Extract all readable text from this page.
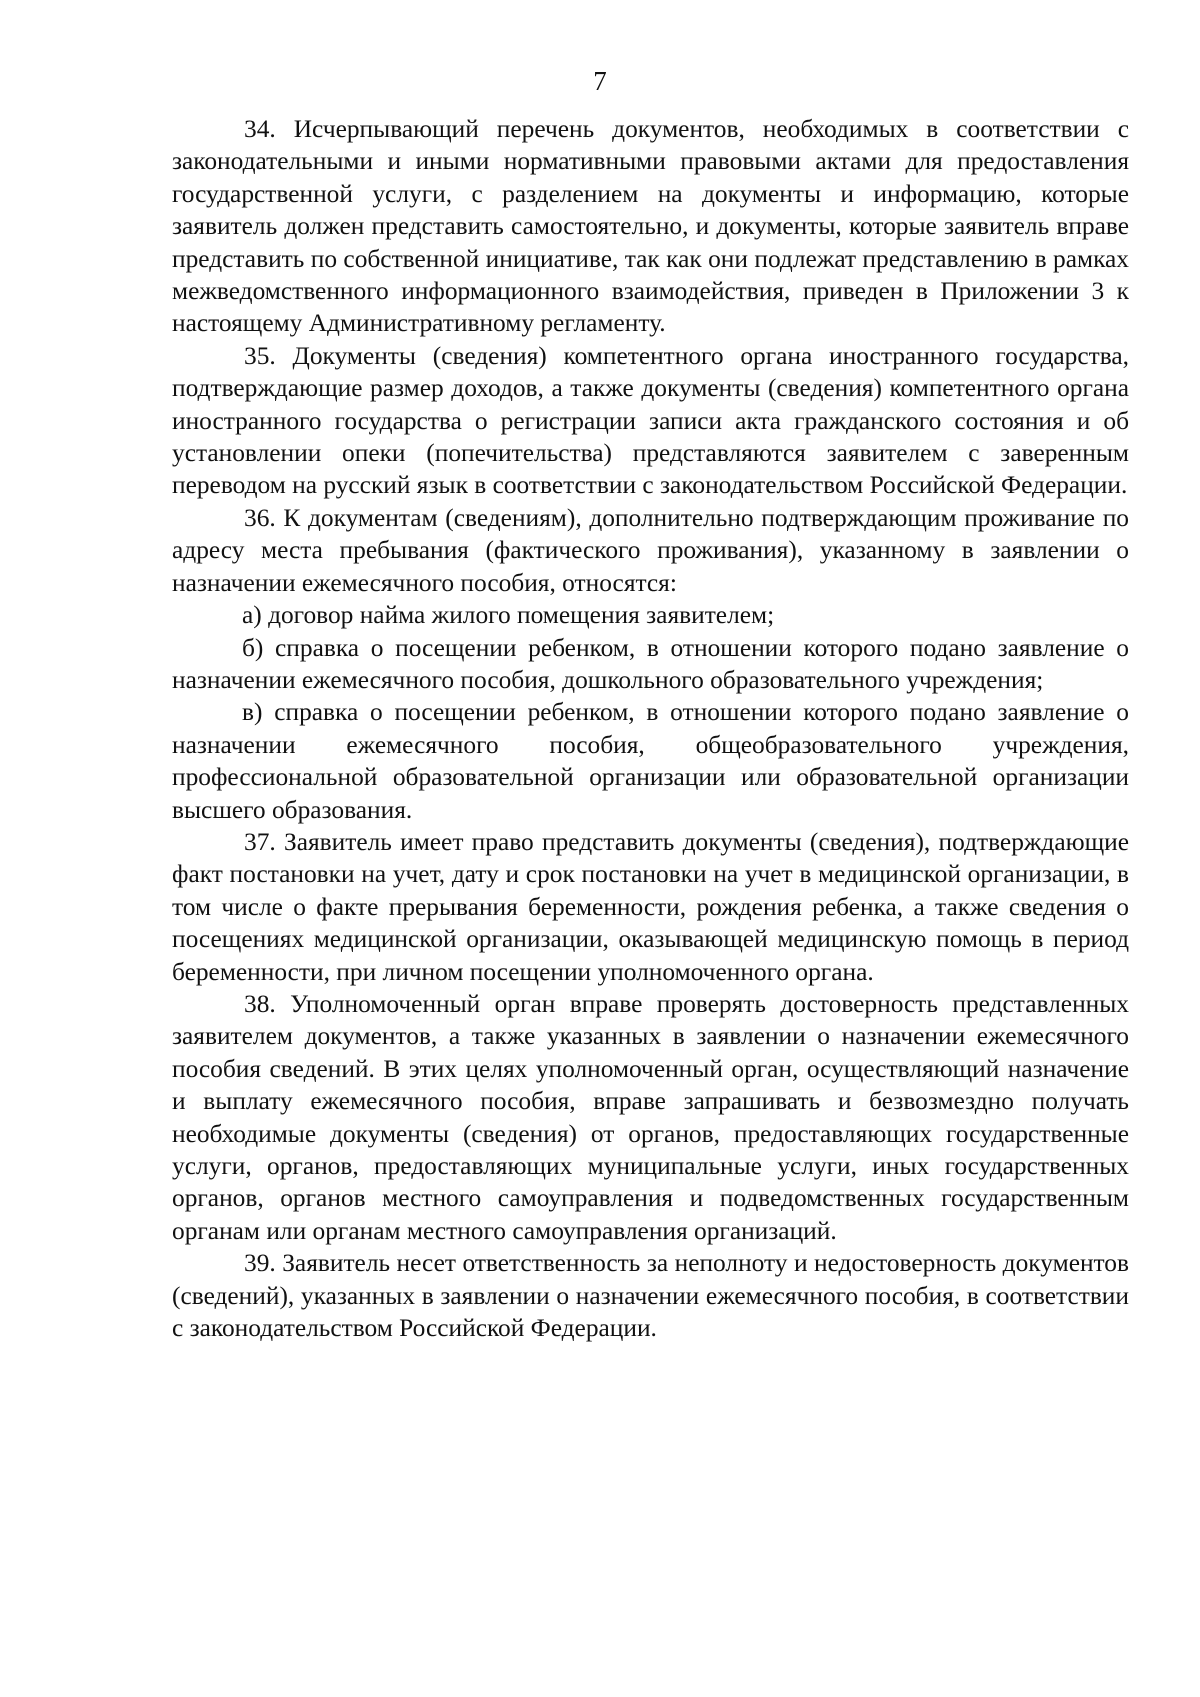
7

34. Исчерпывающий перечень документов, необходимых в соответствии с законодательными и иными нормативными правовыми актами для предоставления государственной услуги, с разделением на документы и информацию, которые заявитель должен представить самостоятельно, и документы, которые заявитель вправе представить по собственной инициативе, так как они подлежат представлению в рамках межведомственного информационного взаимодействия, приведен в Приложении 3 к настоящему Административному регламенту.

35. Документы (сведения) компетентного органа иностранного государства, подтверждающие размер доходов, а также документы (сведения) компетентного органа иностранного государства о регистрации записи акта гражданского состояния и об установлении опеки (попечительства) представляются заявителем с заверенным переводом на русский язык в соответствии с законодательством Российской Федерации.

36. К документам (сведениям), дополнительно подтверждающим проживание по адресу места пребывания (фактического проживания), указанному в заявлении о назначении ежемесячного пособия, относятся:

а) договор найма жилого помещения заявителем;

б) справка о посещении ребенком, в отношении которого подано заявление о назначении ежемесячного пособия, дошкольного образовательного учреждения;

в) справка о посещении ребенком, в отношении которого подано заявление о назначении ежемесячного пособия, общеобразовательного учреждения, профессиональной образовательной организации или образовательной организации высшего образования.

37. Заявитель имеет право представить документы (сведения), подтверждающие факт постановки на учет, дату и срок постановки на учет в медицинской организации, в том числе о факте прерывания беременности, рождения ребенка, а также сведения о посещениях медицинской организации, оказывающей медицинскую помощь в период беременности, при личном посещении уполномоченного органа.

38. Уполномоченный орган вправе проверять достоверность представленных заявителем документов, а также указанных в заявлении о назначении ежемесячного пособия сведений. В этих целях уполномоченный орган, осуществляющий назначение и выплату ежемесячного пособия, вправе запрашивать и безвозмездно получать необходимые документы (сведения) от органов, предоставляющих государственные услуги, органов, предоставляющих муниципальные услуги, иных государственных органов, органов местного самоуправления и подведомственных государственным органам или органам местного самоуправления организаций.

39. Заявитель несет ответственность за неполноту и недостоверность документов (сведений), указанных в заявлении о назначении ежемесячного пособия, в соответствии с законодательством Российской Федерации.
